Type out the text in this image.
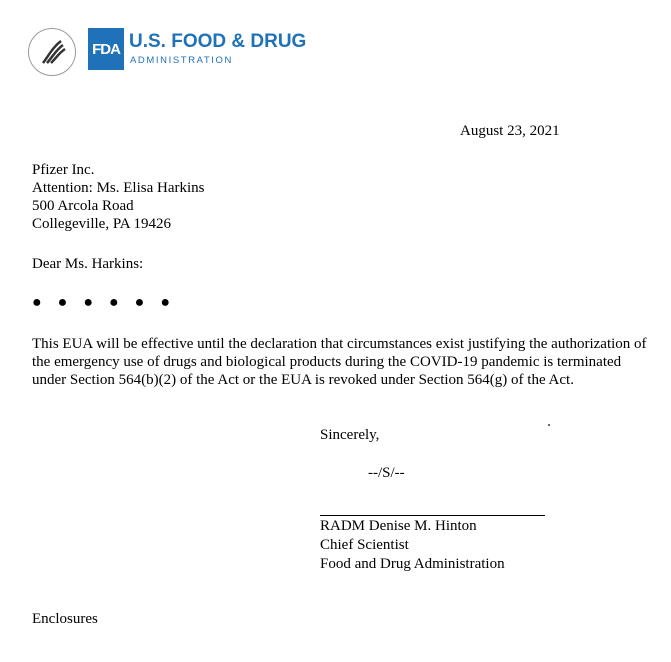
FDA U.S. FOOD & DRUG
ADMINISTRATION
August 23, 2021
Pfizer Inc.
Attention: Ms. Elisa Harkins
500 Arcola Road
Collegeville, PA 19426
Dear Ms. Harkins:
● ● ● ● ● ●
This EUA will be effective until the declaration that circumstances exist justifying the authorization of the emergency use of drugs and biological products during the COVID-19 pandemic is terminated under Section 564(b)(2) of the Act or the EUA is revoked under Section 564(g) of the Act.
Sincerely,
--/S/--
RADM Denise M. Hinton
Chief Scientist
Food and Drug Administration
Enclosures
